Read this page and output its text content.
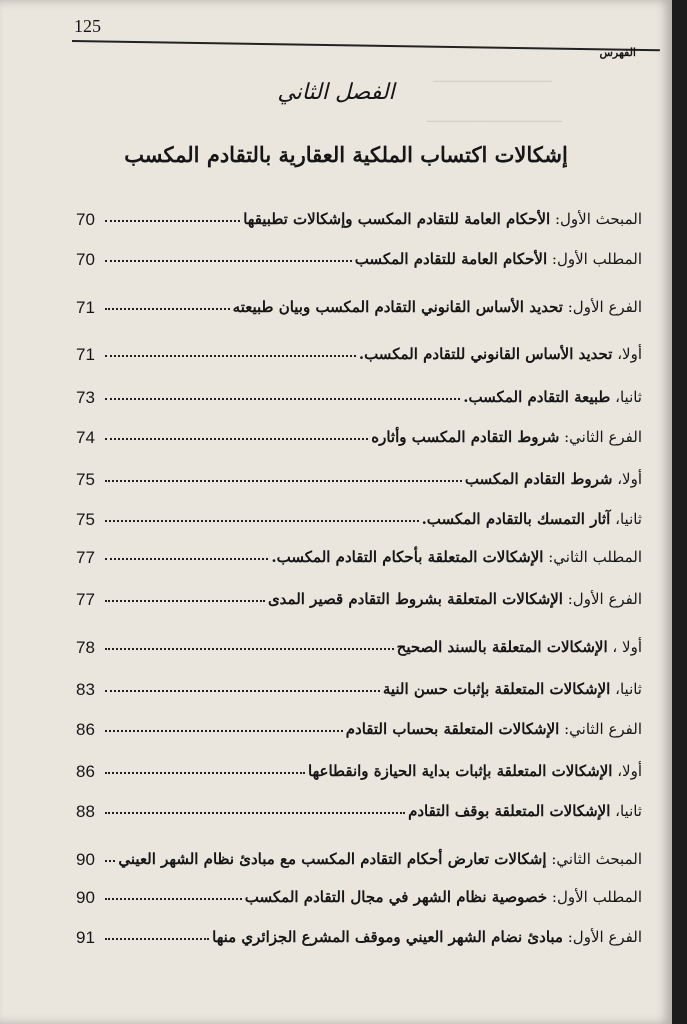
125
الفهرس
ـــــــــــــــــــــــــــــ
ـــــــــــــــــــــــــــــــــ
الفصل الثاني
إشكالات اكتساب الملكية العقارية بالتقادم المكسب
المبحث الأول: الأحكام العامة للتقادم المكسب وإشكالات تطبيقها
70
المطلب الأول: الأحكام العامة للتقادم المكسب
70
الفرع الأول: تحديد الأساس القانوني التقادم المكسب وبيان طبيعته
71
أولا، تحديد الأساس القانوني للتقادم المكسب.
71
ثانيا، طبيعة التقادم المكسب.
73
الفرع الثاني: شروط التقادم المكسب وأثاره
74
أولا، شروط التقادم المكسب
75
ثانيا، آثار التمسك بالتقادم المكسب.
75
المطلب الثاني: الإشكالات المتعلقة بأحكام التقادم المكسب.
77
الفرع الأول: الإشكالات المتعلقة بشروط التقادم قصير المدى
77
أولا ، الإشكالات المتعلقة بالسند الصحيح
78
ثانيا، الإشكالات المتعلقة بإثبات حسن النية
83
الفرع الثاني: الإشكالات المتعلقة بحساب التقادم
86
أولا، الإشكالات المتعلقة بإثبات بداية الحيازة وانقطاعها
86
ثانيا، الإشكالات المتعلقة بوقف التقادم
88
المبحث الثاني: إشكالات تعارض أحكام التقادم المكسب مع مبادئ نظام الشهر العيني
90
المطلب الأول: خصوصية نظام الشهر في مجال التقادم المكسب
90
الفرع الأول: مبادئ نضام الشهر العيني وموقف المشرع الجزائري منها
91
